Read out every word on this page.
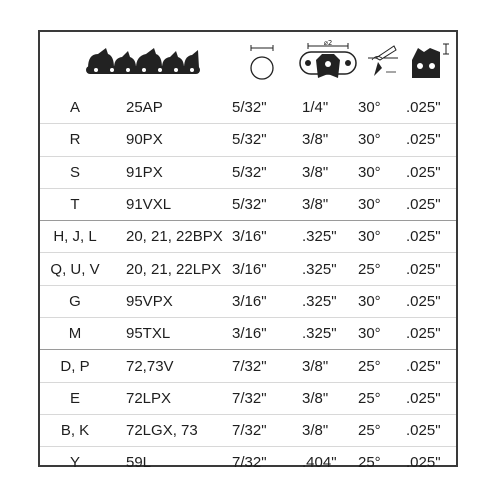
⌀2
A	25AP	5/32"	1/4"	30°	.025"
R	90PX	5/32"	3/8"	30°	.025"
S	91PX	5/32"	3/8"	30°	.025"
T	91VXL	5/32"	3/8"	30°	.025"
H, J, L	20, 21, 22BPX	3/16"	.325"	30°	.025"
Q, U, V	20, 21, 22LPX	3/16"	.325"	25°	.025"
G	95VPX	3/16"	.325"	30°	.025"
M	95TXL	3/16"	.325"	30°	.025"
D, P	72,73V	7/32"	3/8"	25°	.025"
E	72LPX	7/32"	3/8"	25°	.025"
B, K	72LGX, 73	7/32"	3/8"	25°	.025"
Y	59L	7/32"	.404"	25°	.025"
